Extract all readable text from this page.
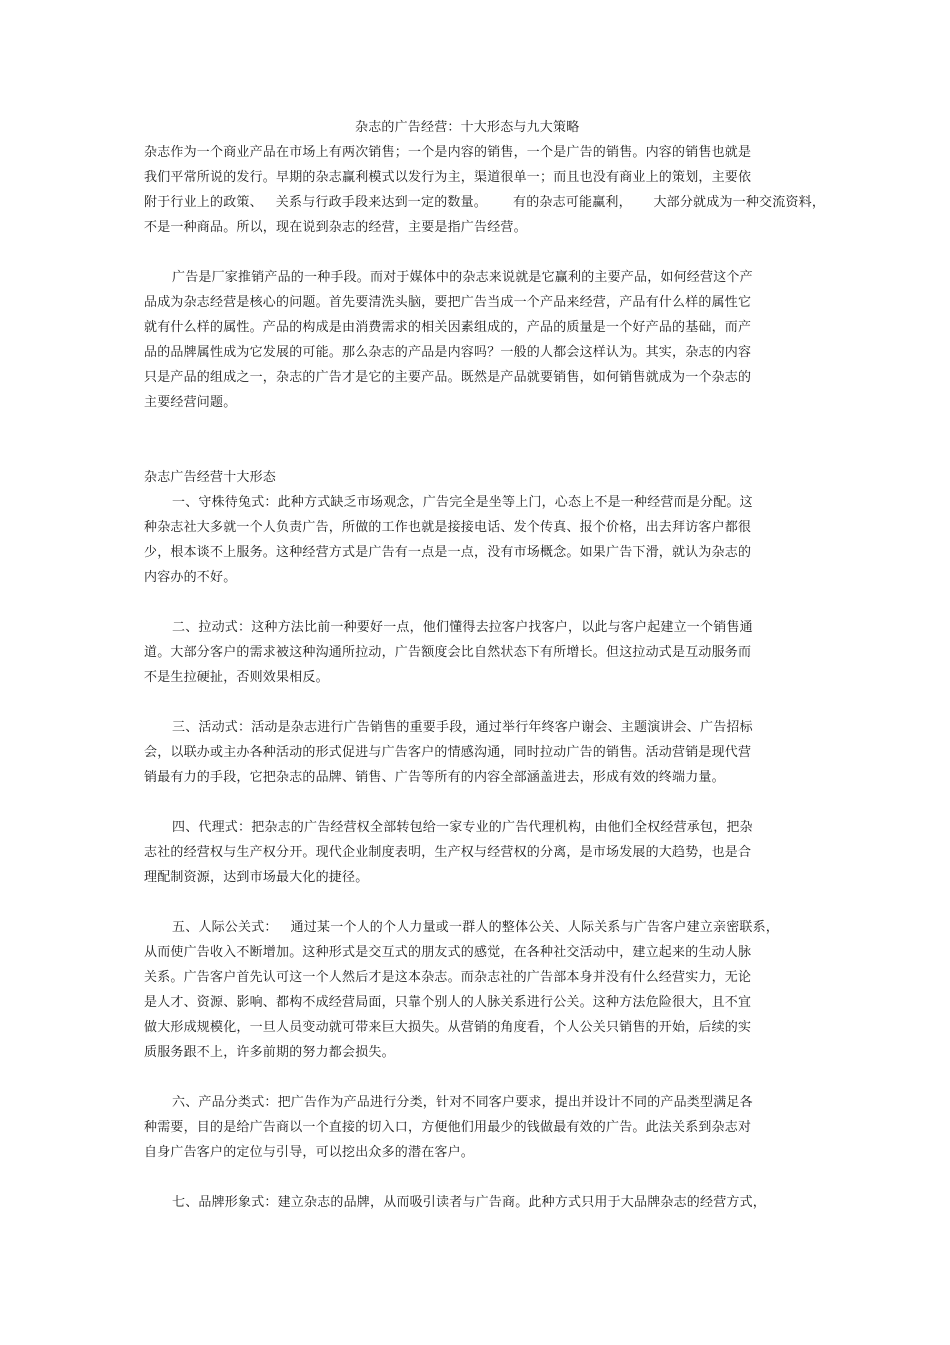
杂志的广告经营：十大形态与九大策略
杂志作为一个商业产品在市场上有两次销售；一个是内容的销售，一个是广告的销售。内容的销售也就是
我们平常所说的发行。早期的杂志赢利模式以发行为主，渠道很单一；而且也没有商业上的策划，主要依
附于行业上的政策、   关系与行政手段来达到一定的数量。      有的杂志可能赢利，     大部分就成为一种交流资料，
不是一种商品。所以，现在说到杂志的经营，主要是指广告经营。
广告是厂家推销产品的一种手段。而对于媒体中的杂志来说就是它赢利的主要产品，如何经营这个产
品成为杂志经营是核心的问题。首先要清洗头脑，要把广告当成一个产品来经营，产品有什么样的属性它
就有什么样的属性。产品的构成是由消费需求的相关因素组成的，产品的质量是一个好产品的基础，而产
品的品牌属性成为它发展的可能。那么杂志的产品是内容吗？一般的人都会这样认为。其实，杂志的内容
只是产品的组成之一，杂志的广告才是它的主要产品。既然是产品就要销售，如何销售就成为一个杂志的
主要经营问题。
杂志广告经营十大形态
一、守株待兔式：此种方式缺乏市场观念，广告完全是坐等上门，心态上不是一种经营而是分配。这
种杂志社大多就一个人负责广告，所做的工作也就是接接电话、发个传真、报个价格，出去拜访客户都很
少，根本谈不上服务。这种经营方式是广告有一点是一点，没有市场概念。如果广告下滑，就认为杂志的
内容办的不好。
二、拉动式：这种方法比前一种要好一点，他们懂得去拉客户找客户，以此与客户起建立一个销售通
道。大部分客户的需求被这种沟通所拉动，广告额度会比自然状态下有所增长。但这拉动式是互动服务而
不是生拉硬扯，否则效果相反。
三、活动式：活动是杂志进行广告销售的重要手段，通过举行年终客户谢会、主题演讲会、广告招标
会，以联办或主办各种活动的形式促进与广告客户的情感沟通，同时拉动广告的销售。活动营销是现代营
销最有力的手段，它把杂志的品牌、销售、广告等所有的内容全部涵盖进去，形成有效的终端力量。
四、代理式：把杂志的广告经营权全部转包给一家专业的广告代理机构，由他们全权经营承包，把杂
志社的经营权与生产权分开。现代企业制度表明，生产权与经营权的分离，是市场发展的大趋势，也是合
理配制资源，达到市场最大化的捷径。
五、人际公关式：   通过某一个人的个人力量或一群人的整体公关、人际关系与广告客户建立亲密联系，
从而使广告收入不断增加。这种形式是交互式的朋友式的感觉，在各种社交活动中，建立起来的生动人脉
关系。广告客户首先认可这一个人然后才是这本杂志。而杂志社的广告部本身并没有什么经营实力，无论
是人才、资源、影响、都构不成经营局面，只靠个别人的人脉关系进行公关。这种方法危险很大，且不宜
做大形成规模化，一旦人员变动就可带来巨大损失。从营销的角度看，个人公关只销售的开始，后续的实
质服务跟不上，许多前期的努力都会损失。
六、产品分类式：把广告作为产品进行分类，针对不同客户要求，提出并设计不同的产品类型满足各
种需要，目的是给广告商以一个直接的切入口，方便他们用最少的钱做最有效的广告。此法关系到杂志对
自身广告客户的定位与引导，可以挖出众多的潜在客户。
七、品牌形象式：建立杂志的品牌，从而吸引读者与广告商。此种方式只用于大品牌杂志的经营方式，
